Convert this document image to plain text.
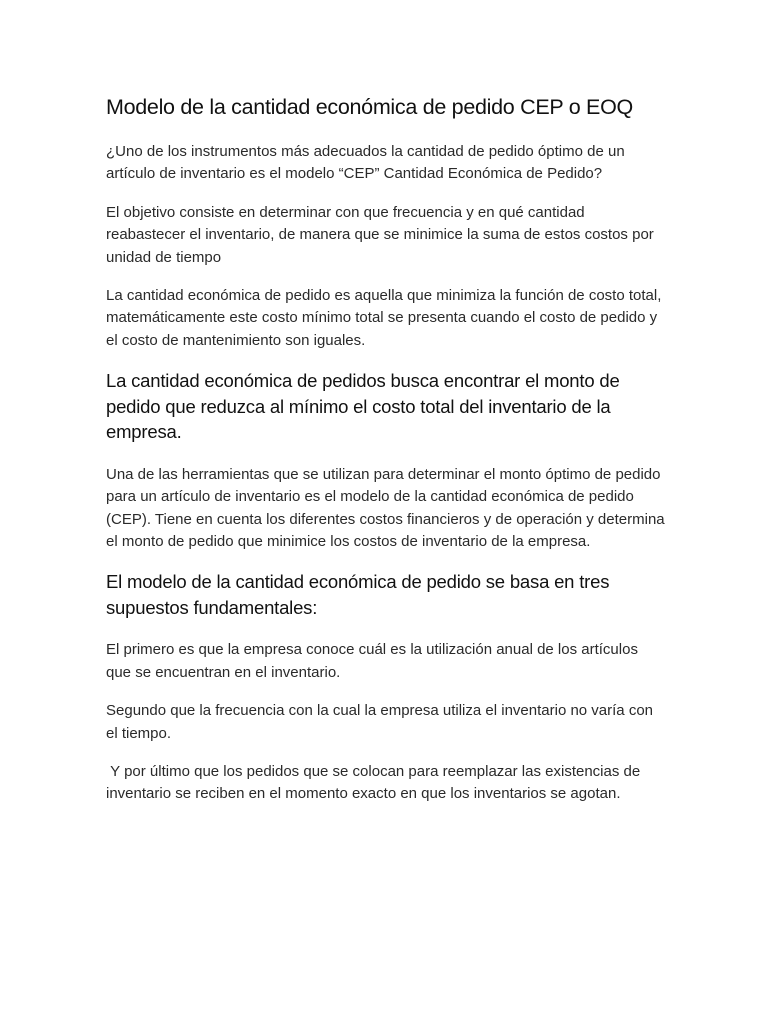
Modelo de la cantidad económica de pedido CEP o EOQ

¿Uno de los instrumentos más adecuados la cantidad de pedido óptimo de un artículo de inventario es el modelo “CEP” Cantidad Económica de Pedido?

El objetivo consiste en determinar con que frecuencia y en qué cantidad reabastecer el inventario, de manera que se minimice la suma de estos costos por unidad de tiempo

La cantidad económica de pedido es aquella que minimiza la función de costo total, matemáticamente este costo mínimo total se presenta cuando el costo de pedido y el costo de mantenimiento son iguales.

La cantidad económica de pedidos busca encontrar el monto de pedido que reduzca al mínimo el costo total del inventario de la empresa.

Una de las herramientas que se utilizan para determinar el monto óptimo de pedido para un artículo de inventario es el modelo de la cantidad económica de pedido (CEP). Tiene en cuenta los diferentes costos financieros y de operación y determina el monto de pedido que minimice los costos de inventario de la empresa.

El modelo de la cantidad económica de pedido se basa en tres supuestos fundamentales:

El primero es que la empresa conoce cuál es la utilización anual de los artículos que se encuentran en el inventario.

Segundo que la frecuencia con la cual la empresa utiliza el inventario no varía con el tiempo.

Y por último que los pedidos que se colocan para reemplazar las existencias de inventario se reciben en el momento exacto en que los inventarios se agotan.
